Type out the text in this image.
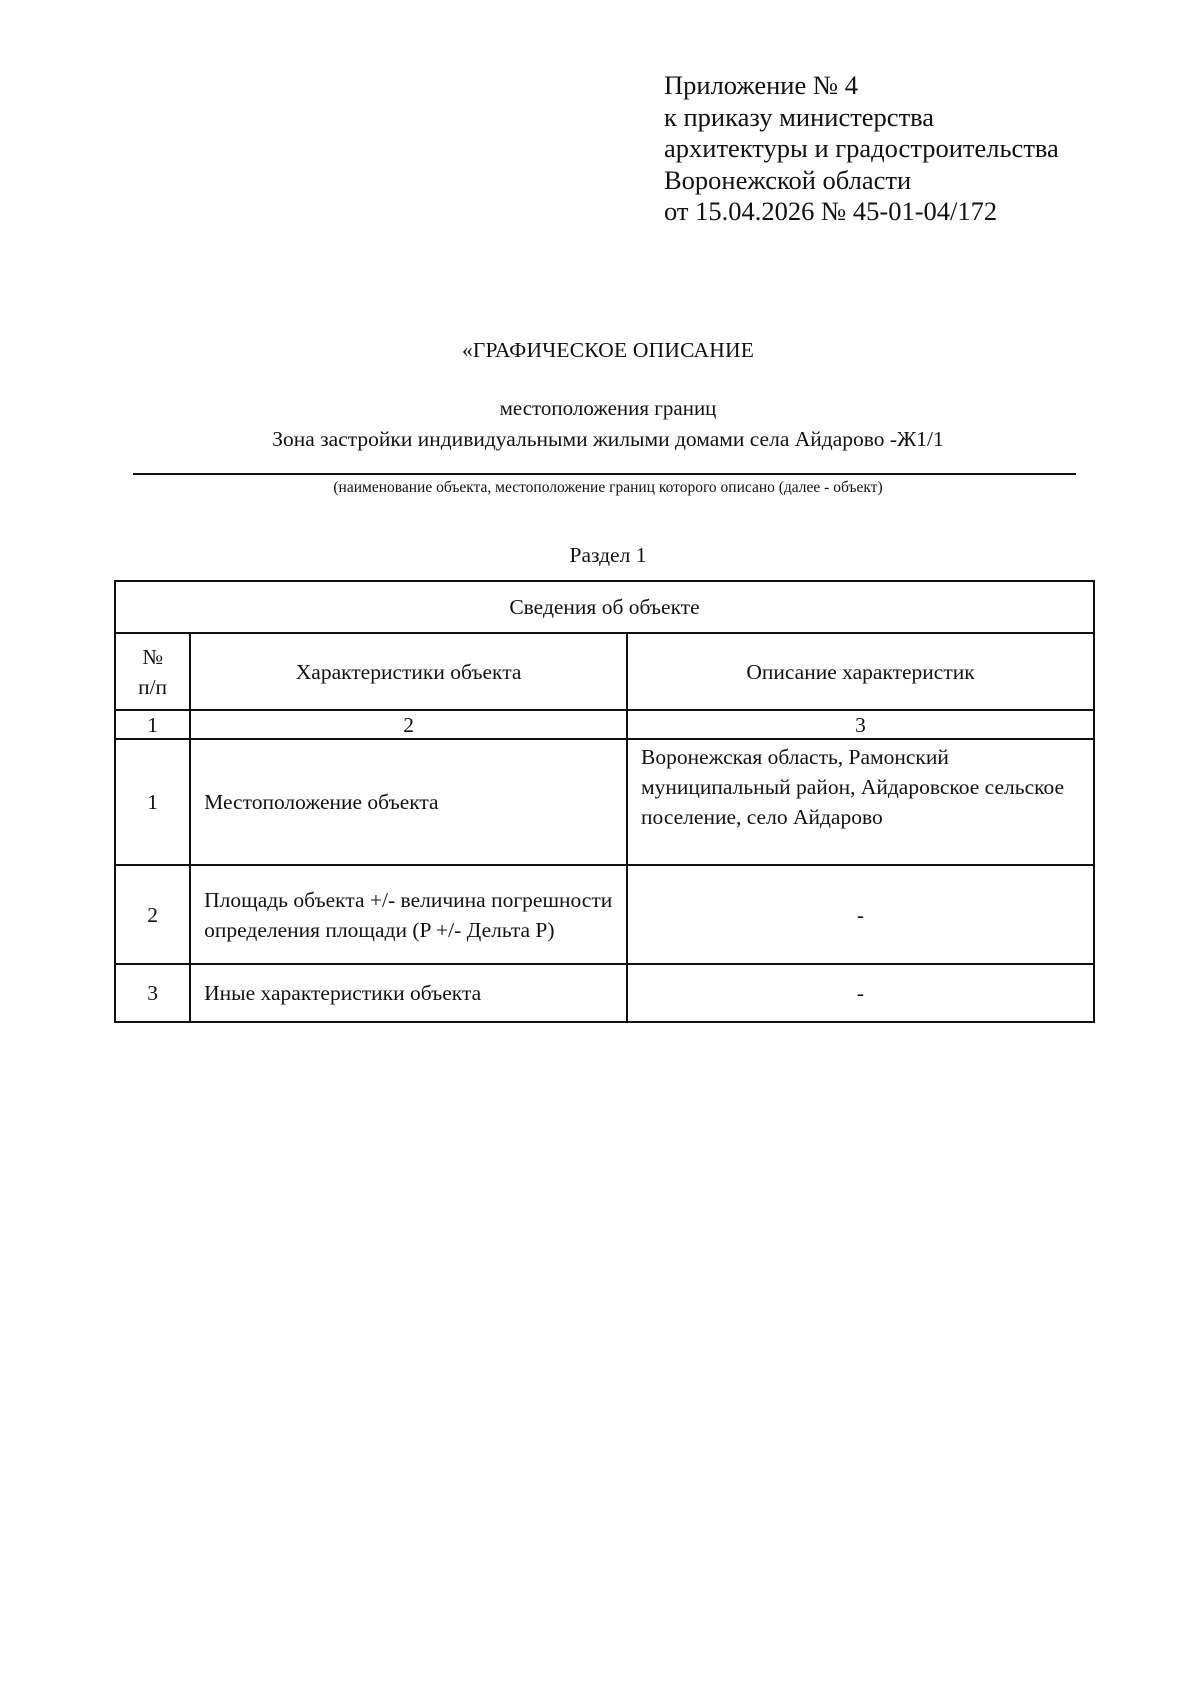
Приложение № 4
к приказу министерства
архитектуры и градостроительства
Воронежской области
от 15.04.2026 № 45-01-04/172
«ГРАФИЧЕСКОЕ ОПИСАНИЕ
местоположения границ
Зона застройки индивидуальными жилыми домами села Айдарово -Ж1/1
(наименование объекта, местоположение границ которого описано (далее - объект)
Раздел 1
Сведения об объекте		

№
п/п	Характеристики объекта	Описание характеристик
1	2	3
1	Местоположение объекта	Воронежская область, Рамонский муниципальный район, Айдаровское сельское поселение, село Айдарово
2	Площадь объекта +/- величина погрешности определения площади (P +/- Дельта P)	-
3	Иные характеристики объекта	-
